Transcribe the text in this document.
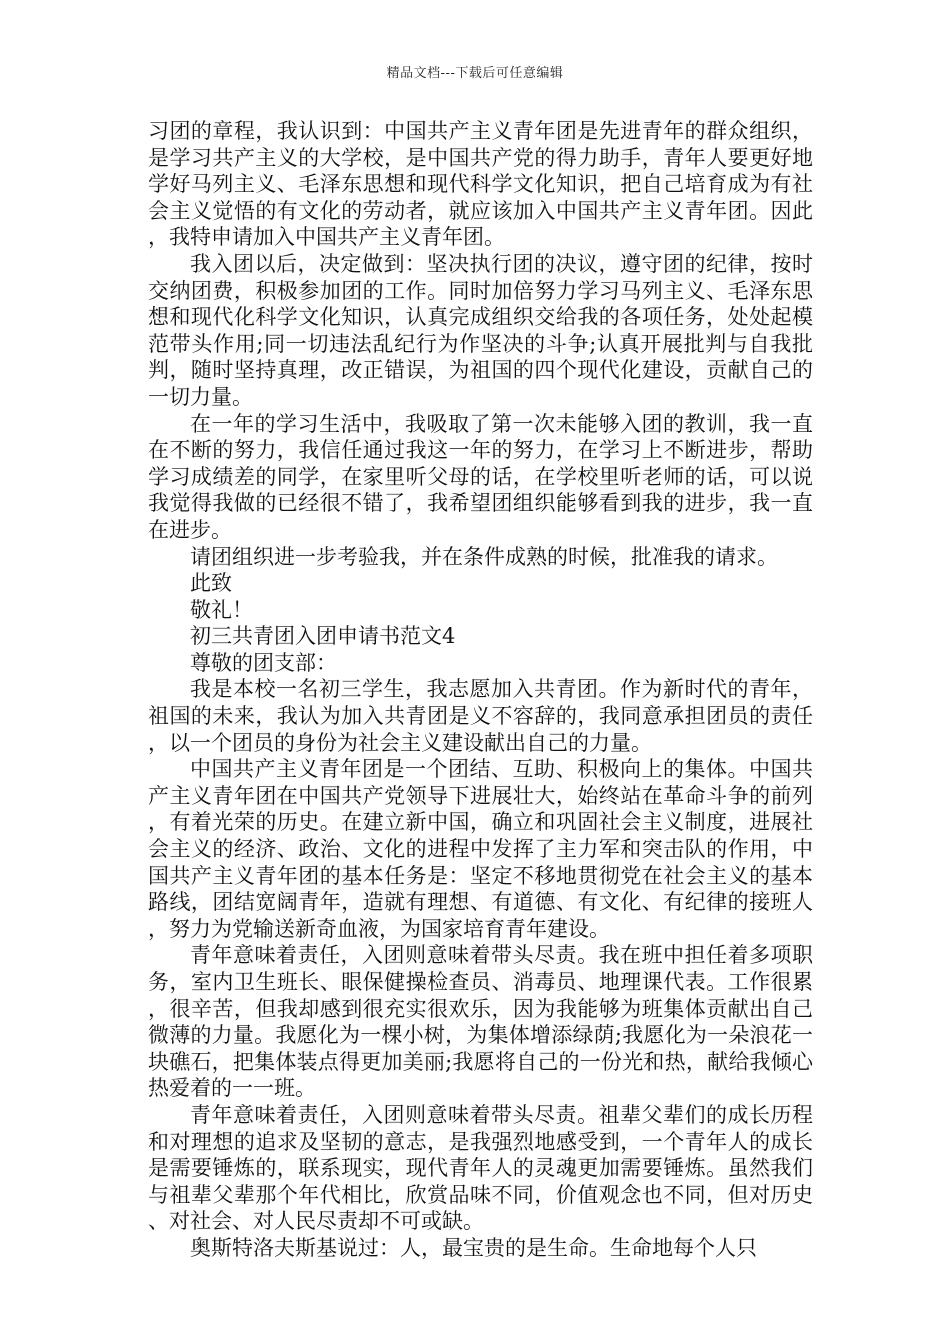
精品文档---下载后可任意编辑

习团的章程，我认识到：中国共产主义青年团是先进青年的群众组织，是学习共产主义的大学校，是中国共产党的得力助手，青年人要更好地学好马列主义、毛泽东思想和现代科学文化知识，把自己培育成为有社会主义觉悟的有文化的劳动者，就应该加入中国共产主义青年团。因此，我特申请加入中国共产主义青年团。

我入团以后，决定做到：坚决执行团的决议，遵守团的纪律，按时交纳团费，积极参加团的工作。同时加倍努力学习马列主义、毛泽东思想和现代化科学文化知识，认真完成组织交给我的各项任务，处处起模范带头作用;同一切违法乱纪行为作坚决的斗争;认真开展批判与自我批判，随时坚持真理，改正错误，为祖国的四个现代化建设，贡献自己的一切力量。

在一年的学习生活中，我吸取了第一次未能够入团的教训，我一直在不断的努力，我信任通过我这一年的努力，在学习上不断进步，帮助学习成绩差的同学，在家里听父母的话，在学校里听老师的话，可以说我觉得我做的已经很不错了，我希望团组织能够看到我的进步，我一直在进步。

请团组织进一步考验我，并在条件成熟的时候，批准我的请求。

此致

敬礼！

初三共青团入团申请书范文4

尊敬的团支部：

我是本校一名初三学生，我志愿加入共青团。作为新时代的青年，祖国的未来，我认为加入共青团是义不容辞的，我同意承担团员的责任，以一个团员的身份为社会主义建设献出自己的力量。

中国共产主义青年团是一个团结、互助、积极向上的集体。中国共产主义青年团在中国共产党领导下进展壮大，始终站在革命斗争的前列，有着光荣的历史。在建立新中国，确立和巩固社会主义制度，进展社会主义的经济、政治、文化的进程中发挥了主力军和突击队的作用，中国共产主义青年团的基本任务是：坚定不移地贯彻党在社会主义的基本路线，团结宽阔青年，造就有理想、有道德、有文化、有纪律的接班人，努力为党输送新奇血液，为国家培育青年建设。

青年意味着责任，入团则意味着带头尽责。我在班中担任着多项职务，室内卫生班长、眼保健操检查员、消毒员、地理课代表。工作很累，很辛苦，但我却感到很充实很欢乐，因为我能够为班集体贡献出自己微薄的力量。我愿化为一棵小树，为集体增添绿荫;我愿化为一朵浪花一块礁石，把集体装点得更加美丽;我愿将自己的一份光和热，献给我倾心热爱着的一一班。

青年意味着责任，入团则意味着带头尽责。祖辈父辈们的成长历程和对理想的追求及坚韧的意志，是我强烈地感受到，一个青年人的成长是需要锤炼的，联系现实，现代青年人的灵魂更加需要锤炼。虽然我们与祖辈父辈那个年代相比，欣赏品味不同，价值观念也不同，但对历史、对社会、对人民尽责却不可或缺。

奥斯特洛夫斯基说过：人，最宝贵的是生命。生命地每个人只
